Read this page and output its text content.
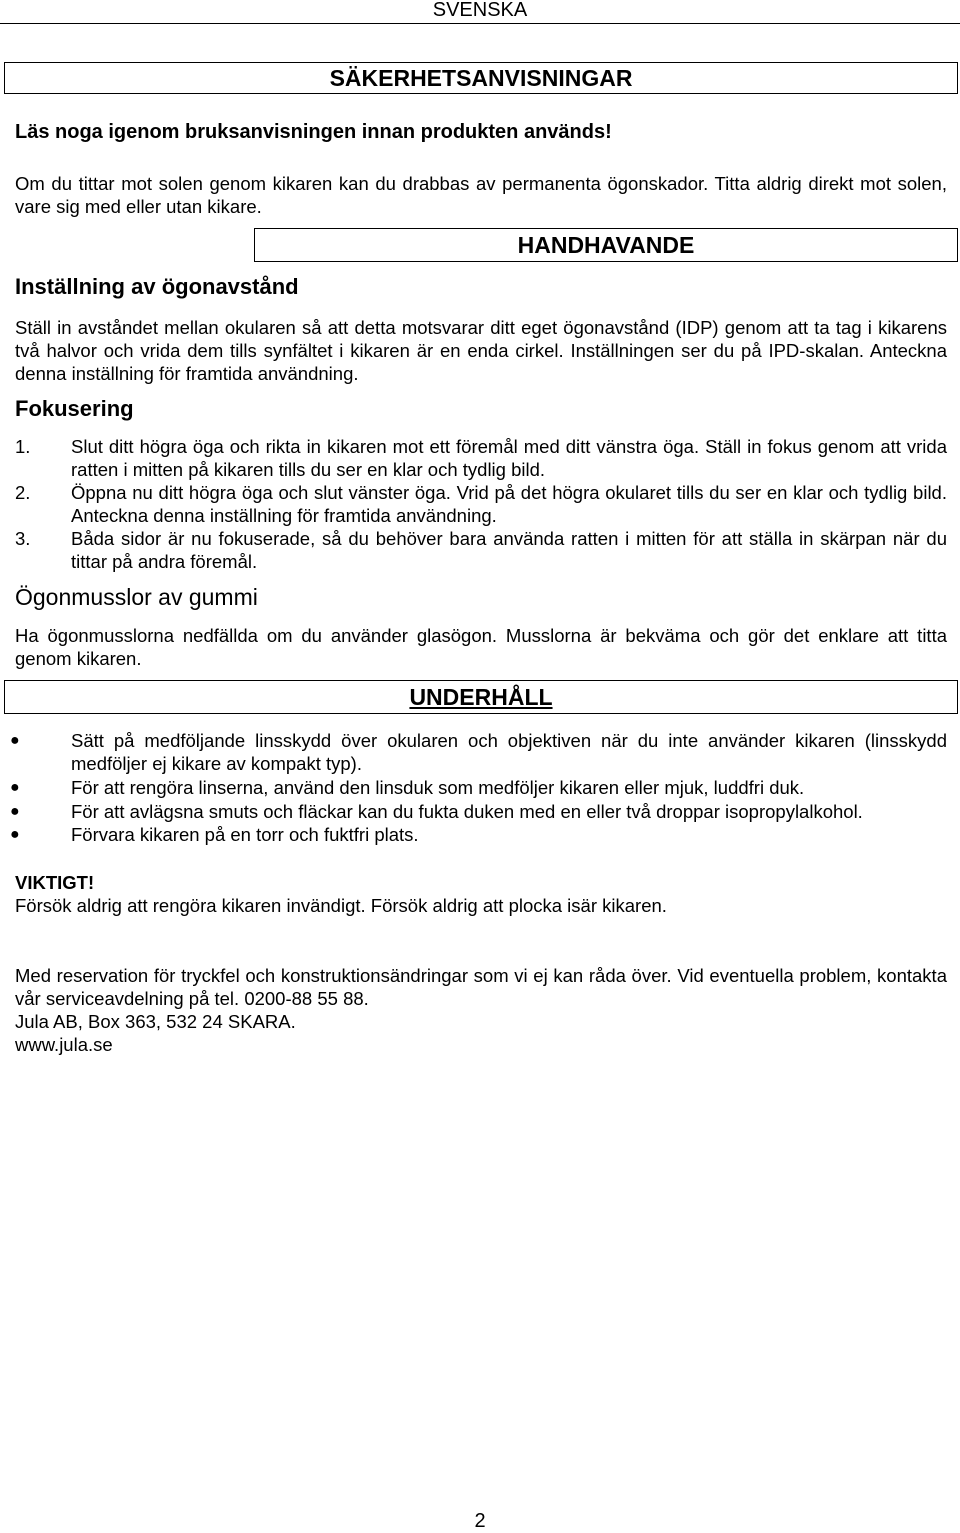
SVENSKA
SÄKERHETSANVISNINGAR
Läs noga igenom bruksanvisningen innan produkten används!
Om du tittar mot solen genom kikaren kan du drabbas av permanenta ögonskador. Titta aldrig direkt mot solen, vare sig med eller utan kikare.
HANDHAVANDE
Inställning av ögonavstånd
Ställ in avståndet mellan okularen så att detta motsvarar ditt eget ögonavstånd (IDP) genom att ta tag i kikarens två halvor och vrida dem tills synfältet i kikaren är en enda cirkel. Inställningen ser du på IPD-skalan. Anteckna denna inställning för framtida användning.
Fokusering
1. Slut ditt högra öga och rikta in kikaren mot ett föremål med ditt vänstra öga. Ställ in fokus genom att vrida ratten i mitten på kikaren tills du ser en klar och tydlig bild.
2. Öppna nu ditt högra öga och slut vänster öga. Vrid på det högra okularet tills du ser en klar och tydlig bild. Anteckna denna inställning för framtida användning.
3. Båda sidor är nu fokuserade, så du behöver bara använda ratten i mitten för att ställa in skärpan när du tittar på andra föremål.
Ögonmusslor av gummi
Ha ögonmusslorna nedfällda om du använder glasögon. Musslorna är bekväma och gör det enklare att titta genom kikaren.
UNDERHÅLL
●	Sätt på medföljande linsskydd över okularen och objektiven när du inte använder kikaren (linsskydd medföljer ej kikare av kompakt typ).
●	För att rengöra linserna, använd den linsduk som medföljer kikaren eller mjuk, luddfri duk.
●	För att avlägsna smuts och fläckar kan du fukta duken med en eller två droppar isopropylalkohol.
●	Förvara kikaren på en torr och fuktfri plats.
VIKTIGT!
Försök aldrig att rengöra kikaren invändigt. Försök aldrig att plocka isär kikaren.
Med reservation för tryckfel och konstruktionsändringar som vi ej kan råda över. Vid eventuella problem, kontakta vår serviceavdelning på tel. 0200-88 55 88.
Jula AB, Box 363, 532 24 SKARA.
www.jula.se
2
